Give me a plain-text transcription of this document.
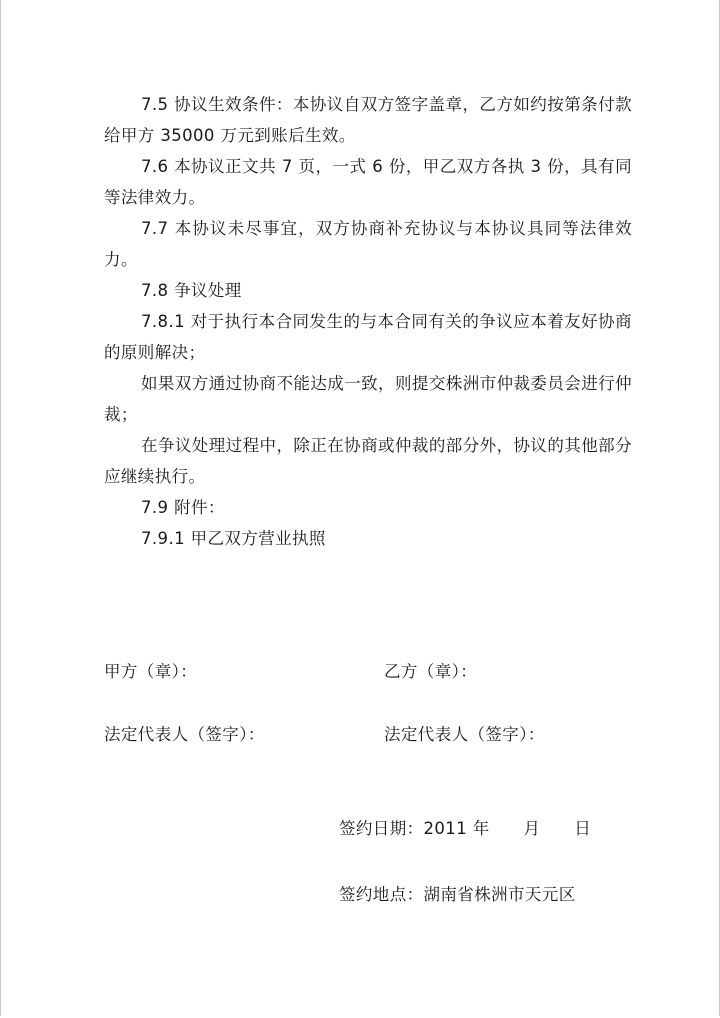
7.5 协议生效条件：本协议自双方签字盖章，乙方如约按第条付款给甲方 35000 万元到账后生效。

7.6 本协议正文共 7 页，一式 6 份，甲乙双方各执 3 份，具有同等法律效力。

7.7 本协议未尽事宜，双方协商补充协议与本协议具同等法律效力。

7.8 争议处理

7.8.1 对于执行本合同发生的与本合同有关的争议应本着友好协商的原则解决；

如果双方通过协商不能达成一致，则提交株洲市仲裁委员会进行仲裁；

在争议处理过程中，除正在协商或仲裁的部分外，协议的其他部分应继续执行。

7.9 附件：

7.9.1 甲乙双方营业执照

甲方（章）：	乙方（章）：
法定代表人（签字）：	法定代表人（签字）：
签约日期：2011 年      月      日
签约地点：湖南省株洲市天元区
